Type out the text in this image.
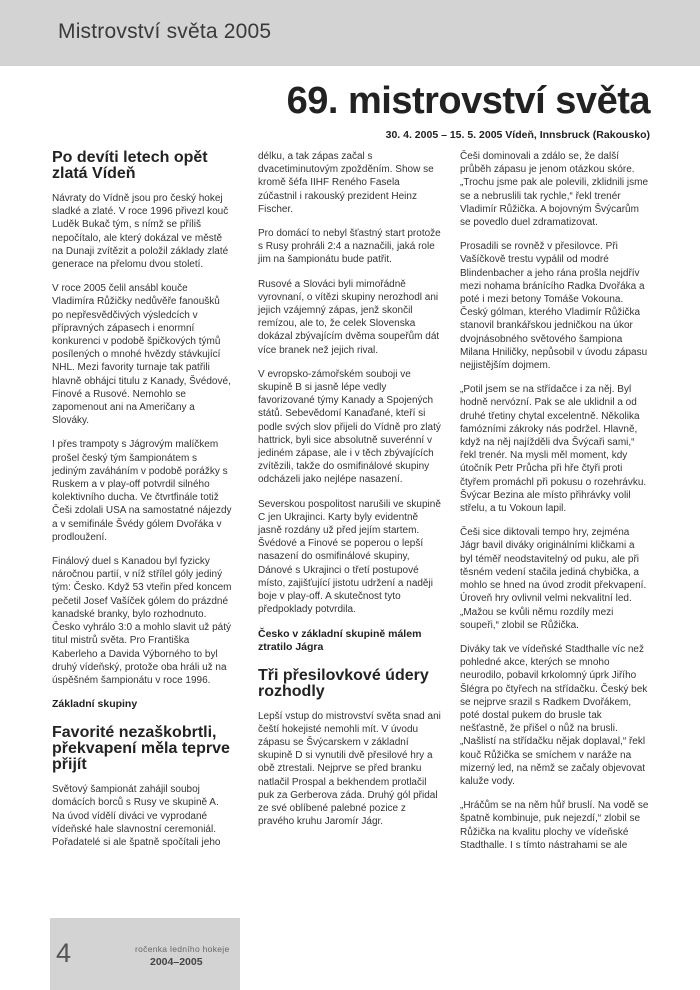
Mistrovství světa 2005
69. mistrovství světa
30. 4. 2005 – 15. 5. 2005 Vídeň, Innsbruck (Rakousko)
Po devíti letech opět zlatá Vídeň

Návraty do Vídně jsou pro český hokej sladké a zlaté. V roce 1996 přivezl kouč Luděk Bukač tým, s nímž se příliš nepočítalo, ale který dokázal ve městě na Dunaji zvítězit a položil základy zlaté generace na přelomu dvou století.

V roce 2005 čelil ansábl kouče Vladimíra Růžičky nedůvěře fanoušků po nepřesvědčivých výsledcích v přípravných zápasech i enormní konkurenci v podobě špičkových týmů posílených o mnohé hvězdy stávkující NHL. Mezi favority turnaje tak patřili hlavně obhájci titulu z Kanady, Švédové, Finové a Rusové. Nemohlo se zapomenout ani na Američany a Slováky.

I přes trampoty s Jágrovým malíčkem prošel český tým šampionátem s jediným zaváháním v podobě porážky s Ruskem a v play-off potvrdil silného kolektivního ducha. Ve čtvrtfinále totiž Češi zdolali USA na samostatné nájezdy a v semifinále Švédy gólem Dvořáka v prodloužení.

Finálový duel s Kanadou byl fyzicky náročnou partií, v níž střílel góly jediný tým: Česko. Když 53 vteřin před koncem pečetil Josef Vašíček gólem do prázdné kanadské branky, bylo rozhodnuto. Česko vyhrálo 3:0 a mohlo slavit už pátý titul mistrů světa. Pro Františka Kaberleho a Davida Výborného to byl druhý vídeňský, protože oba hráli už na úspěšném šampionátu v roce 1996.

Základní skupiny
Favorité nezaškobrtli, překvapení měla teprve přijít

Světový šampionát zahájil souboj domácích borců s Rusy ve skupině A. Na úvod vídělí diváci ve vyprodané vídeňské hale slavnostní ceremoniál. Pořadatelé si ale špatně spočítali jeho

délku, a tak zápas začal s dvacetiminutovým zpožděním. Show se kromě šéfa IIHF Reného Fasela zúčastnil i rakouský prezident Heinz Fischer.

Pro domácí to nebyl šťastný start protože s Rusy prohráli 2:4 a naznačili, jaká role jim na šampionátu bude patřit.

Rusové a Slováci byli mimořádně vyrovnaní, o vítězi skupiny nerozhodl ani jejich vzájemný zápas, jenž skončil remízou, ale to, že celek Slovenska dokázal zbývajícím dvěma soupeřům dát více branek než jejich rival.

V evropsko-zámořském souboji ve skupině B si jasně lépe vedly favorizované týmy Kanady a Spojených států. Sebevědomí Kanaďané, kteří si podle svých slov přijeli do Vídně pro zlatý hattrick, byli sice absolutně suverénní v jediném zápase, ale i v těch zbývajících zvítězili, takže do osmifinálové skupiny odcházeli jako nejlépe nasazení.

Severskou pospolitost narušili ve skupině C jen Ukrajinci. Karty byly evidentně jasně rozdány už před jejím startem. Švédové a Finové se poperou o lepší nasazení do osmifinálové skupiny, Dánové s Ukrajinci o třetí postupové místo, zajišťující jistotu udržení a naději boje v play-off. A skutečnost tyto předpoklady potvrdila.

Česko v základní skupině málem ztratilo Jágra
Tři přesilovkové údery rozhodly

Lepší vstup do mistrovství světa snad ani čeští hokejisté nemohli mít. V úvodu zápasu se Švýcarskem v základní skupině D si vynutili dvě přesilové hry a obě ztrestali. Nejprve se před branku natlačil Prospal a bekhendem protlačil puk za Gerberova záda. Druhý gól přidal ze své oblíbené palebné pozice z pravého kruhu Jaromír Jágr.

Češi dominovali a zdálo se, že další průběh zápasu je jenom otázkou skóre. „Trochu jsme pak ale polevili, zklidnili jsme se a nebruslili tak rychle,“ řekl trenér Vladimír Růžička. A bojovným Švýcarům se povedlo duel zdramatizovat.

Prosadili se rovněž v přesilovce. Při Vašíčkově trestu vypálil od modré Blindenbacher a jeho rána prošla nejdřív mezi nohama bránícího Radka Dvořáka a poté i mezi betony Tomáše Vokouna. Český gólman, kterého Vladimír Růžička stanovil brankářskou jedničkou na úkor dvojnásobného světového šampiona Milana Hniličky, nepůsobil v úvodu zápasu nejjistějším dojmem.

„Potil jsem se na střídačce i za něj. Byl hodně nervózní. Pak se ale uklidnil a od druhé třetiny chytal excelentně. Několika famózními zákroky nás podržel. Hlavně, když na něj najížděli dva Švýcaři sami,“ řekl trenér. Na mysli měl moment, kdy útočník Petr Průcha při hře čtyři proti čtyřem promáchl při pokusu o rozehrávku. Švýcar Bezina ale místo přihrávky volil střelu, a tu Vokoun lapil.

Češi sice diktovali tempo hry, zejména Jágr bavil diváky originálními kličkami a byl téměř neodstavitelný od puku, ale při těsném vedení stačila jediná chybička, a mohlo se hned na úvod zrodit překvapení. Úroveň hry ovlivnil velmi nekvalitní led. „Mažou se kvůli němu rozdíly mezi soupeři,“ zlobil se Růžička.

Diváky tak ve vídeňské Stadthalle víc než pohledné akce, kterých se mnoho neurodilo, pobavil krkolomný úprk Jiřího Šlégra po čtyřech na střídačku. Český bek se nejprve srazil s Radkem Dvořákem, poté dostal pukem do brusle tak nešťastně, že přišel o nůž na brusli. „Našlistí na střídačku nějak doplaval,“ řekl kouč Růžička se smíchem v naráže na mizerný led, na němž se začaly objevovat kaluže vody.

„Hráčům se na něm hůř bruslí. Na vodě se špatně kombinuje, puk nejezdí,“ zlobil se Růžička na kvalitu plochy ve vídeňské Stadthalle. I s tímto nástrahami se ale

4	ročenka ledního hokeje
2004–2005
